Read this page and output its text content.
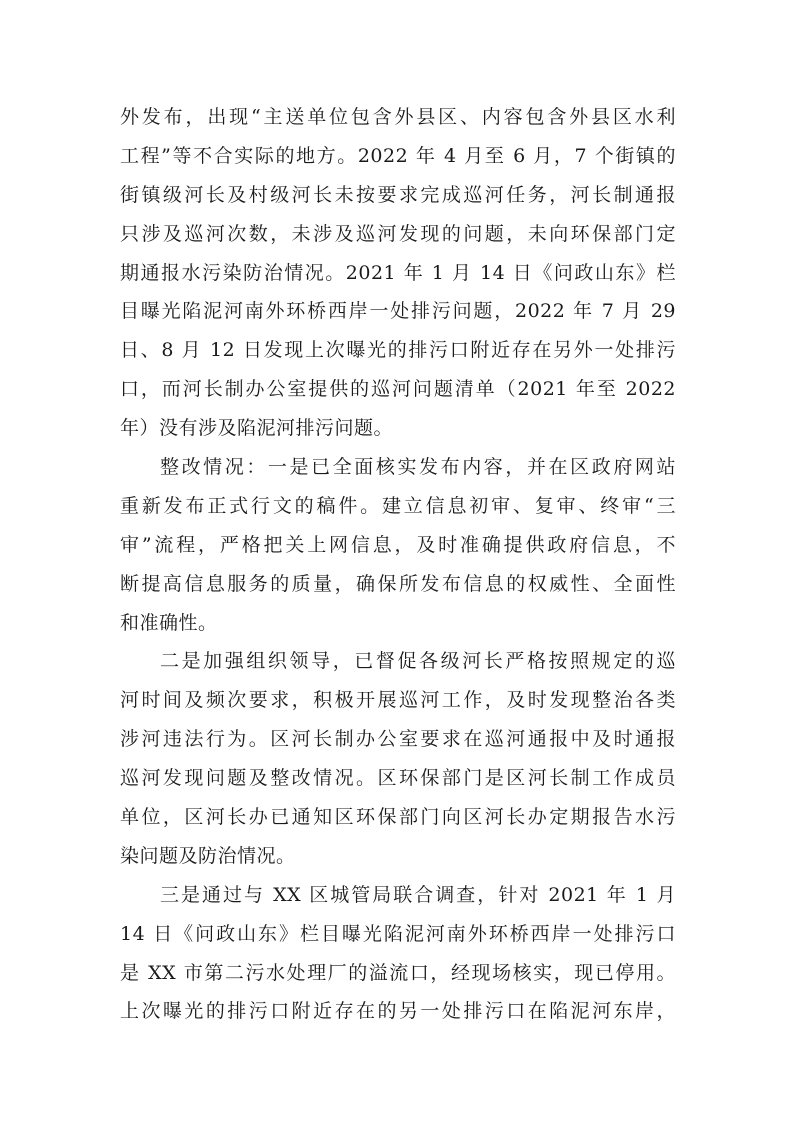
外发布，出现“主送单位包含外县区、内容包含外县区水利
工程”等不合实际的地方。2022 年 4 月至 6 月，7 个街镇的
街镇级河长及村级河长未按要求完成巡河任务，河长制通报
只涉及巡河次数，未涉及巡河发现的问题，未向环保部门定
期通报水污染防治情况。2021 年 1 月 14 日《问政山东》栏
目曝光陷泥河南外环桥西岸一处排污问题，2022 年 7 月 29
日、8 月 12 日发现上次曝光的排污口附近存在另外一处排污
口，而河长制办公室提供的巡河问题清单（2021 年至 2022
年）没有涉及陷泥河排污问题。
整改情况：一是已全面核实发布内容，并在区政府网站
重新发布正式行文的稿件。建立信息初审、复审、终审“三
审”流程，严格把关上网信息，及时准确提供政府信息，不
断提高信息服务的质量，确保所发布信息的权威性、全面性
和准确性。
二是加强组织领导，已督促各级河长严格按照规定的巡
河时间及频次要求，积极开展巡河工作，及时发现整治各类
涉河违法行为。区河长制办公室要求在巡河通报中及时通报
巡河发现问题及整改情况。区环保部门是区河长制工作成员
单位，区河长办已通知区环保部门向区河长办定期报告水污
染问题及防治情况。
三是通过与 XX 区城管局联合调查，针对 2021 年 1 月
14 日《问政山东》栏目曝光陷泥河南外环桥西岸一处排污口
是 XX 市第二污水处理厂的溢流口，经现场核实，现已停用。
上次曝光的排污口附近存在的另一处排污口在陷泥河东岸，
